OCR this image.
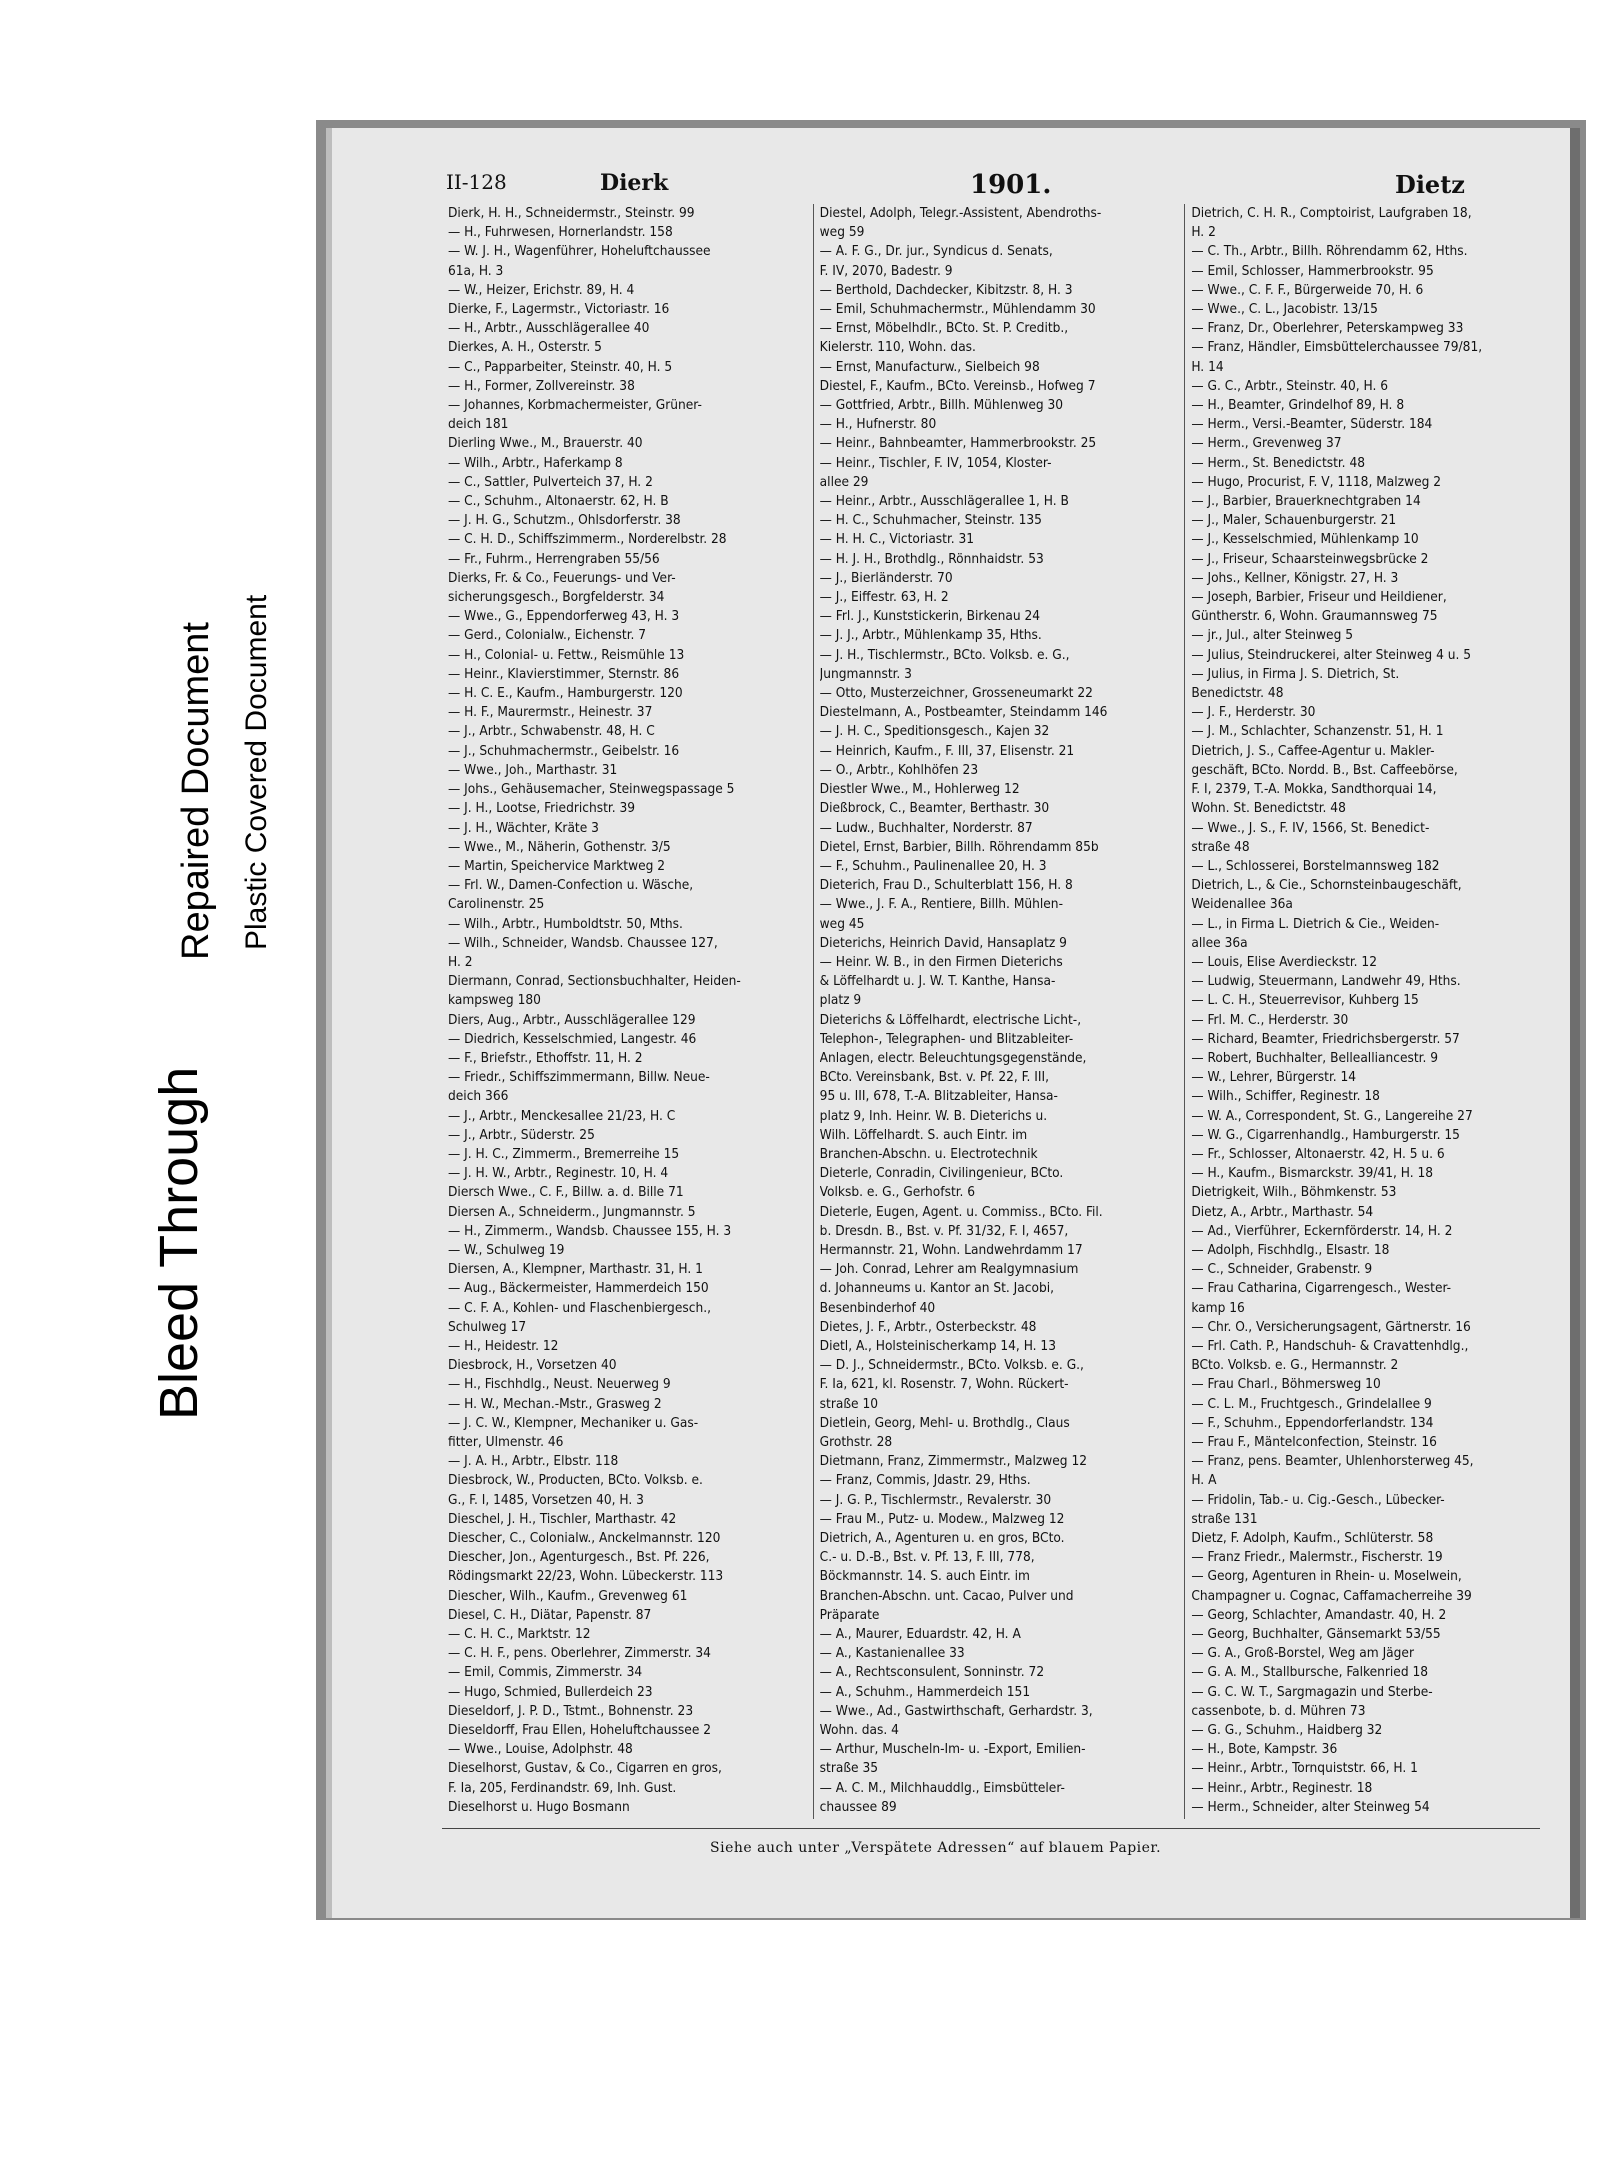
II-128	Dierk	1901.	Dietz
Dierk, H. H., Schneidermstr., Steinstr. 99
— H., Fuhrwesen, Hornerlandstr. 158
— W. J. H., Wagenführer, Hoheluftchaussee
61a, H. 3
— W., Heizer, Erichstr. 89, H. 4
Dierke, F., Lagermstr., Victoriastr. 16
— H., Arbtr., Ausschlägerallee 40
Dierkes, A. H., Osterstr. 5
— C., Papparbeiter, Steinstr. 40, H. 5
— H., Former, Zollvereinstr. 38
— Johannes, Korbmachermeister, Grüner-
deich 181
Dierling Wwe., M., Brauerstr. 40
— Wilh., Arbtr., Haferkamp 8
— C., Sattler, Pulverteich 37, H. 2
— C., Schuhm., Altonaerstr. 62, H. B
— J. H. G., Schutzm., Ohlsdorferstr. 38
— C. H. D., Schiffszimmerm., Norderelbstr. 28
— Fr., Fuhrm., Herrengraben 55/56
Dierks, Fr. & Co., Feuerungs- und Ver-
sicherungsgesch., Borgfelderstr. 34
— Wwe., G., Eppendorferweg 43, H. 3
— Gerd., Colonialw., Eichenstr. 7
— H., Colonial- u. Fettw., Reismühle 13
— Heinr., Klavierstimmer, Sternstr. 86
— H. C. E., Kaufm., Hamburgerstr. 120
— H. F., Maurermstr., Heinestr. 37
— J., Arbtr., Schwabenstr. 48, H. C
— J., Schuhmachermstr., Geibelstr. 16
— Wwe., Joh., Marthastr. 31
— Johs., Gehäusemacher, Steinwegspassage 5
— J. H., Lootse, Friedrichstr. 39
— J. H., Wächter, Kräte 3
— Wwe., M., Näherin, Gothenstr. 3/5
— Martin, Speichervice Marktweg 2
— Frl. W., Damen-Confection u. Wäsche,
Carolinenstr. 25
— Wilh., Arbtr., Humboldtstr. 50, Mths.
— Wilh., Schneider, Wandsb. Chaussee 127,
H. 2
Diermann, Conrad, Sectionsbuchhalter, Heiden-
kampsweg 180
Diers, Aug., Arbtr., Ausschlägerallee 129
— Diedrich, Kesselschmied, Langestr. 46
— F., Briefstr., Ethoffstr. 11, H. 2
— Friedr., Schiffszimmermann, Billw. Neue-
deich 366
— J., Arbtr., Menckesallee 21/23, H. C
— J., Arbtr., Süderstr. 25
— J. H. C., Zimmerm., Bremerreihe 15
— J. H. W., Arbtr., Reginestr. 10, H. 4
Diersch Wwe., C. F., Billw. a. d. Bille 71
Diersen A., Schneiderm., Jungmannstr. 5
— H., Zimmerm., Wandsb. Chaussee 155, H. 3
— W., Schulweg 19
Diersen, A., Klempner, Marthastr. 31, H. 1
— Aug., Bäckermeister, Hammerdeich 150
— C. F. A., Kohlen- und Flaschenbiergesch.,
Schulweg 17
— H., Heidestr. 12
Diesbrock, H., Vorsetzen 40
— H., Fischhdlg., Neust. Neuerweg 9
— H. W., Mechan.-Mstr., Grasweg 2
— J. C. W., Klempner, Mechaniker u. Gas-
fitter, Ulmenstr. 46
— J. A. H., Arbtr., Elbstr. 118
Diesbrock, W., Producten, BCto. Volksb. e.
G., F. I, 1485, Vorsetzen 40, H. 3
Dieschel, J. H., Tischler, Marthastr. 42
Diescher, C., Colonialw., Anckelmannstr. 120
Diescher, Jon., Agenturgesch., Bst. Pf. 226,
Rödingsmarkt 22/23, Wohn. Lübeckerstr. 113
Diescher, Wilh., Kaufm., Grevenweg 61
Diesel, C. H., Diätar, Papenstr. 87
— C. H. C., Marktstr. 12
— C. H. F., pens. Oberlehrer, Zimmerstr. 34
— Emil, Commis, Zimmerstr. 34
— Hugo, Schmied, Bullerdeich 23
Dieseldorf, J. P. D., Tstmt., Bohnenstr. 23
Dieseldorff, Frau Ellen, Hoheluftchaussee 2
— Wwe., Louise, Adolphstr. 48
Dieselhorst, Gustav, & Co., Cigarren en gros,
F. Ia, 205, Ferdinandstr. 69, Inh. Gust.
Dieselhorst u. Hugo Bosmann
Diestel, Adolph, Telegr.-Assistent, Abendroths-
weg 59
— A. F. G., Dr. jur., Syndicus d. Senats,
F. IV, 2070, Badestr. 9
— Berthold, Dachdecker, Kibitzstr. 8, H. 3
— Emil, Schuhmachermstr., Mühlendamm 30
— Ernst, Möbelhdlr., BCto. St. P. Creditb.,
Kielerstr. 110, Wohn. das.
— Ernst, Manufacturw., Sielbeich 98
Diestel, F., Kaufm., BCto. Vereinsb., Hofweg 7
— Gottfried, Arbtr., Billh. Mühlenweg 30
— H., Hufnerstr. 80
— Heinr., Bahnbeamter, Hammerbrookstr. 25
— Heinr., Tischler, F. IV, 1054, Kloster-
allee 29
— Heinr., Arbtr., Ausschlägerallee 1, H. B
— H. C., Schuhmacher, Steinstr. 135
— H. H. C., Victoriastr. 31
— H. J. H., Brothdlg., Rönnhaidstr. 53
— J., Bierländerstr. 70
— J., Eiffestr. 63, H. 2
— Frl. J., Kunststickerin, Birkenau 24
— J. J., Arbtr., Mühlenkamp 35, Hths.
— J. H., Tischlermstr., BCto. Volksb. e. G.,
Jungmannstr. 3
— Otto, Musterzeichner, Grosseneumarkt 22
Diestelmann, A., Postbeamter, Steindamm 146
— J. H. C., Speditionsgesch., Kajen 32
— Heinrich, Kaufm., F. III, 37, Elisenstr. 21
— O., Arbtr., Kohlhöfen 23
Diestler Wwe., M., Hohlerweg 12
Dießbrock, C., Beamter, Berthastr. 30
— Ludw., Buchhalter, Norderstr. 87
Dietel, Ernst, Barbier, Billh. Röhrendamm 85b
— F., Schuhm., Paulinenallee 20, H. 3
Dieterich, Frau D., Schulterblatt 156, H. 8
— Wwe., J. F. A., Rentiere, Billh. Mühlen-
weg 45
Dieterichs, Heinrich David, Hansaplatz 9
— Heinr. W. B., in den Firmen Dieterichs
& Löffelhardt u. J. W. T. Kanthe, Hansa-
platz 9
Dieterichs & Löffelhardt, electrische Licht-,
Telephon-, Telegraphen- und Blitzableiter-
Anlagen, electr. Beleuchtungsgegenstände,
BCto. Vereinsbank, Bst. v. Pf. 22, F. III,
95 u. III, 678, T.-A. Blitzableiter, Hansa-
platz 9, Inh. Heinr. W. B. Dieterichs u.
Wilh. Löffelhardt. S. auch Eintr. im
Branchen-Abschn. u. Electrotechnik
Dieterle, Conradin, Civilingenieur, BCto.
Volksb. e. G., Gerhofstr. 6
Dieterle, Eugen, Agent. u. Commiss., BCto. Fil.
b. Dresdn. B., Bst. v. Pf. 31/32, F. I, 4657,
Hermannstr. 21, Wohn. Landwehrdamm 17
— Joh. Conrad, Lehrer am Realgymnasium
d. Johanneums u. Kantor an St. Jacobi,
Besenbinderhof 40
Dietes, J. F., Arbtr., Osterbeckstr. 48
Dietl, A., Holsteinischerkamp 14, H. 13
— D. J., Schneidermstr., BCto. Volksb. e. G.,
F. Ia, 621, kl. Rosenstr. 7, Wohn. Rückert-
straße 10
Dietlein, Georg, Mehl- u. Brothdlg., Claus
Grothstr. 28
Dietmann, Franz, Zimmermstr., Malzweg 12
— Franz, Commis, Jdastr. 29, Hths.
— J. G. P., Tischlermstr., Revalerstr. 30
— Frau M., Putz- u. Modew., Malzweg 12
Dietrich, A., Agenturen u. en gros, BCto.
C.- u. D.-B., Bst. v. Pf. 13, F. III, 778,
Böckmannstr. 14. S. auch Eintr. im
Branchen-Abschn. unt. Cacao, Pulver und
Präparate
— A., Maurer, Eduardstr. 42, H. A
— A., Kastanienallee 33
— A., Rechtsconsulent, Sonninstr. 72
— A., Schuhm., Hammerdeich 151
— Wwe., Ad., Gastwirthschaft, Gerhardstr. 3,
Wohn. das. 4
— Arthur, Muscheln-Im- u. -Export, Emilien-
straße 35
— A. C. M., Milchhauddlg., Eimsbütteler-
chaussee 89
Dietrich, C. H. R., Comptoirist, Laufgraben 18,
H. 2
— C. Th., Arbtr., Billh. Röhrendamm 62, Hths.
— Emil, Schlosser, Hammerbrookstr. 95
— Wwe., C. F. F., Bürgerweide 70, H. 6
— Wwe., C. L., Jacobistr. 13/15
— Franz, Dr., Oberlehrer, Peterskampweg 33
— Franz, Händler, Eimsbüttelerchaussee 79/81,
H. 14
— G. C., Arbtr., Steinstr. 40, H. 6
— H., Beamter, Grindelhof 89, H. 8
— Herm., Versi.-Beamter, Süderstr. 184
— Herm., Grevenweg 37
— Herm., St. Benedictstr. 48
— Hugo, Procurist, F. V, 1118, Malzweg 2
— J., Barbier, Brauerknechtgraben 14
— J., Maler, Schauenburgerstr. 21
— J., Kesselschmied, Mühlenkamp 10
— J., Friseur, Schaarsteinwegsbrücke 2
— Johs., Kellner, Königstr. 27, H. 3
— Joseph, Barbier, Friseur und Heildiener,
Güntherstr. 6, Wohn. Graumannsweg 75
— jr., Jul., alter Steinweg 5
— Julius, Steindruckerei, alter Steinweg 4 u. 5
— Julius, in Firma J. S. Dietrich, St.
Benedictstr. 48
— J. F., Herderstr. 30
— J. M., Schlachter, Schanzenstr. 51, H. 1
Dietrich, J. S., Caffee-Agentur u. Makler-
geschäft, BCto. Nordd. B., Bst. Caffeebörse,
F. I, 2379, T.-A. Mokka, Sandthorquai 14,
Wohn. St. Benedictstr. 48
— Wwe., J. S., F. IV, 1566, St. Benedict-
straße 48
— L., Schlosserei, Borstelmannsweg 182
Dietrich, L., & Cie., Schornsteinbaugeschäft,
Weidenallee 36a
— L., in Firma L. Dietrich & Cie., Weiden-
allee 36a
— Louis, Elise Averdieckstr. 12
— Ludwig, Steuermann, Landwehr 49, Hths.
— L. C. H., Steuerrevisor, Kuhberg 15
— Frl. M. C., Herderstr. 30
— Richard, Beamter, Friedrichsbergerstr. 57
— Robert, Buchhalter, Bellealliancestr. 9
— W., Lehrer, Bürgerstr. 14
— Wilh., Schiffer, Reginestr. 18
— W. A., Correspondent, St. G., Langereihe 27
— W. G., Cigarrenhandlg., Hamburgerstr. 15
— Fr., Schlosser, Altonaerstr. 42, H. 5 u. 6
— H., Kaufm., Bismarckstr. 39/41, H. 18
Dietrigkeit, Wilh., Böhmkenstr. 53
Dietz, A., Arbtr., Marthastr. 54
— Ad., Vierführer, Eckernförderstr. 14, H. 2
— Adolph, Fischhdlg., Elsastr. 18
— C., Schneider, Grabenstr. 9
— Frau Catharina, Cigarrengesch., Wester-
kamp 16
— Chr. O., Versicherungsagent, Gärtnerstr. 16
— Frl. Cath. P., Handschuh- & Cravattenhdlg.,
BCto. Volksb. e. G., Hermannstr. 2
— Frau Charl., Böhmersweg 10
— C. L. M., Fruchtgesch., Grindelallee 9
— F., Schuhm., Eppendorferlandstr. 134
— Frau F., Mäntelconfection, Steinstr. 16
— Franz, pens. Beamter, Uhlenhorsterweg 45,
H. A
— Fridolin, Tab.- u. Cig.-Gesch., Lübecker-
straße 131
Dietz, F. Adolph, Kaufm., Schlüterstr. 58
— Franz Friedr., Malermstr., Fischerstr. 19
— Georg, Agenturen in Rhein- u. Moselwein,
Champagner u. Cognac, Caffamacherreihe 39
— Georg, Schlachter, Amandastr. 40, H. 2
— Georg, Buchhalter, Gänsemarkt 53/55
— G. A., Groß-Borstel, Weg am Jäger
— G. A. M., Stallbursche, Falkenried 18
— G. C. W. T., Sargmagazin und Sterbe-
cassenbote, b. d. Mühren 73
— G. G., Schuhm., Haidberg 32
— H., Bote, Kampstr. 36
— Heinr., Arbtr., Tornquiststr. 66, H. 1
— Heinr., Arbtr., Reginestr. 18
— Herm., Schneider, alter Steinweg 54
Siehe auch unter „Verspätete Adressen“ auf blauem Papier.
Bleed Through
Repaired Document Plastic Covered Document
